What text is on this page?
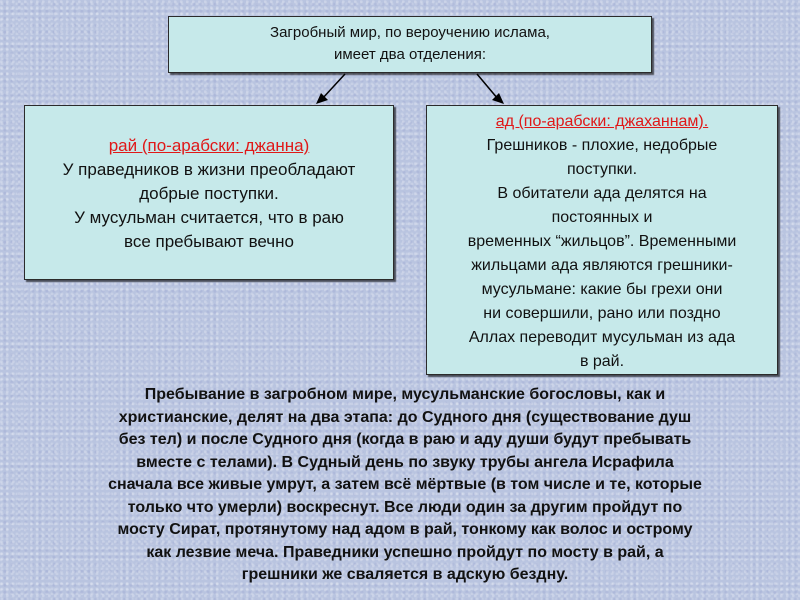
Загробный мир, по вероучению ислама,
имеет два отделения:
рай (по-арабски: джанна)
У праведников в жизни преобладают
добрые поступки.
У мусульман считается, что в раю
все пребывают вечно
ад (по-арабски: джаханнам).
Грешников - плохие, недобрые
поступки.
В обитатели ада делятся на
постоянных и
временных “жильцов”. Временными
жильцами ада являются грешники-
мусульмане: какие бы грехи они
ни совершили, рано или поздно
Аллах переводит мусульман из ада
в рай.
Пребывание в загробном мире, мусульманские богословы, как и
христианские, делят на два этапа: до Судного дня (существование душ
без тел) и после Судного дня (когда в раю и аду души будут пребывать
вместе с телами). В Судный день по звуку трубы ангела Исрафила
сначала все живые умрут, а затем всё мёртвые (в том числе и те, которые
только что умерли) воскреснут. Все люди один за другим пройдут по
мосту Сират, протянутому над адом в рай, тонкому как волос и острому
как лезвие меча. Праведники успешно пройдут по мосту в рай, а
грешники же сваляется в адскую бездну.
